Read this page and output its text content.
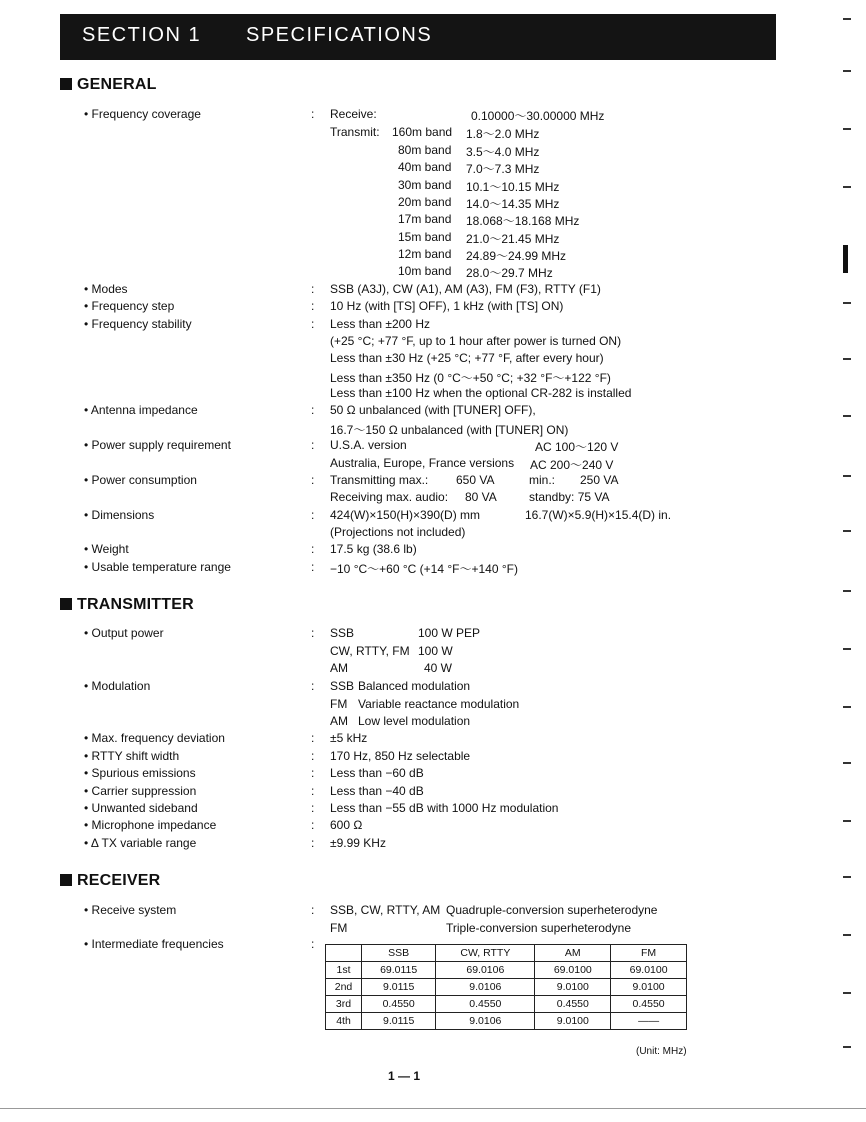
SECTION 1 SPECIFICATIONS
GENERAL
• Frequency coverage	: Receive:	0.10000～30.00000 MHz
Transmit: 160m band 1.8～2.0 MHz
80m band 3.5～4.0 MHz
40m band 7.0～7.3 MHz
30m band 10.1～10.15 MHz
20m band 14.0～14.35 MHz
17m band 18.068～18.168 MHz
15m band 21.0～21.45 MHz
12m band 24.89～24.99 MHz
10m band 28.0～29.7 MHz
• Modes	: SSB (A3J), CW (A1), AM (A3), FM (F3), RTTY (F1)
• Frequency step	: 10 Hz (with [TS] OFF), 1 kHz (with [TS] ON)
• Frequency stability	: Less than ±200 Hz
(+25 °C; +77 °F, up to 1 hour after power is turned ON)
Less than ±30 Hz (+25 °C; +77 °F, after every hour)
Less than ±350 Hz (0 °C～+50 °C; +32 °F～+122 °F)
Less than ±100 Hz when the optional CR-282 is installed
• Antenna impedance	: 50 Ω unbalanced (with [TUNER] OFF),
16.7～150 Ω unbalanced (with [TUNER] ON)
• Power supply requirement	: U.S.A. version	AC 100～120 V
Australia, Europe, France versions AC 200～240 V
• Power consumption	: Transmitting max.: 650 VA	min.: 250 VA
Receiving max. audio: 80 VA	standby: 75 VA
• Dimensions	: 424(W)×150(H)×390(D) mm	16.7(W)×5.9(H)×15.4(D) in.
(Projections not included)
• Weight	: 17.5 kg (38.6 lb)
• Usable temperature range	: −10 °C～+60 °C (+14 °F～+140 °F)
TRANSMITTER
• Output power	: SSB	100 W PEP
CW, RTTY, FM 100 W
AM	40 W
• Modulation	: SSB Balanced modulation
FM Variable reactance modulation
AM Low level modulation
• Max. frequency deviation	: ±5 kHz
• RTTY shift width	: 170 Hz, 850 Hz selectable
• Spurious emissions	: Less than −60 dB
• Carrier suppression	: Less than −40 dB
• Unwanted sideband	: Less than −55 dB with 1000 Hz modulation
• Microphone impedance	: 600 Ω
• Δ TX variable range	: ±9.99 KHz
RECEIVER
• Receive system	: SSB, CW, RTTY, AM Quadruple-conversion superheterodyne
FM	Triple-conversion superheterodyne
• Intermediate frequencies	:
	SSB	CW, RTTY	AM	FM
1st	69.0115	69.0106	69.0100	69.0100
2nd	9.0115	9.0106	9.0100	9.0100
3rd	0.4550	0.4550	0.4550	0.4550
4th	9.0115	9.0106	9.0100	——
(Unit: MHz)
1 — 1
